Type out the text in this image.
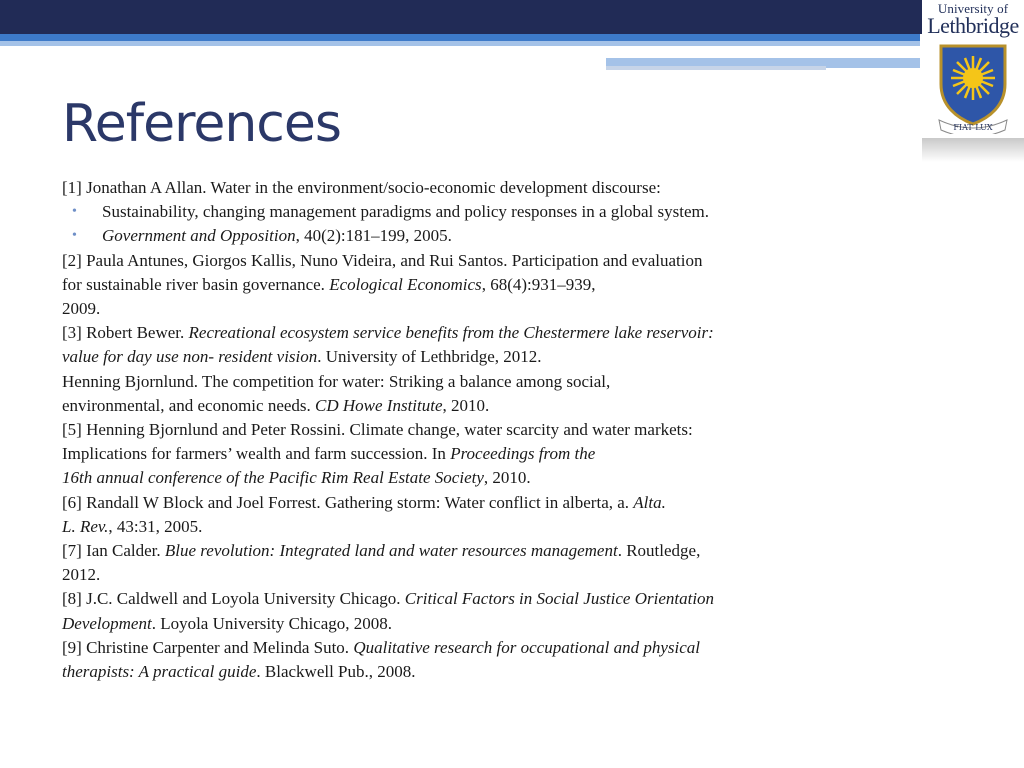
University of
Lethbridge
FIAT LUX
References
[1] Jonathan A Allan. Water in the environment/socio-economic development discourse:
• Sustainability, changing management paradigms and policy responses in a global system.
• Government and Opposition, 40(2):181–199, 2005.
[2] Paula Antunes, Giorgos Kallis, Nuno Videira, and Rui Santos. Participation and evaluation
for sustainable river basin governance. Ecological Economics, 68(4):931–939,
2009.
[3] Robert Bewer. Recreational ecosystem service benefits from the Chestermere lake reservoir:
value for day use non- resident vision. University of Lethbridge, 2012.
Henning Bjornlund. The competition for water: Striking a balance among social,
environmental, and economic needs. CD Howe Institute, 2010.
[5] Henning Bjornlund and Peter Rossini. Climate change, water scarcity and water markets:
Implications for farmers’ wealth and farm succession. In Proceedings from the
16th annual conference of the Pacific Rim Real Estate Society, 2010.
[6] Randall W Block and Joel Forrest. Gathering storm: Water conflict in alberta, a. Alta.
L. Rev., 43:31, 2005.
[7] Ian Calder. Blue revolution: Integrated land and water resources management. Routledge,
2012.
[8] J.C. Caldwell and Loyola University Chicago. Critical Factors in Social Justice Orientation
Development. Loyola University Chicago, 2008.
[9] Christine Carpenter and Melinda Suto. Qualitative research for occupational and physical
therapists: A practical guide. Blackwell Pub., 2008.
